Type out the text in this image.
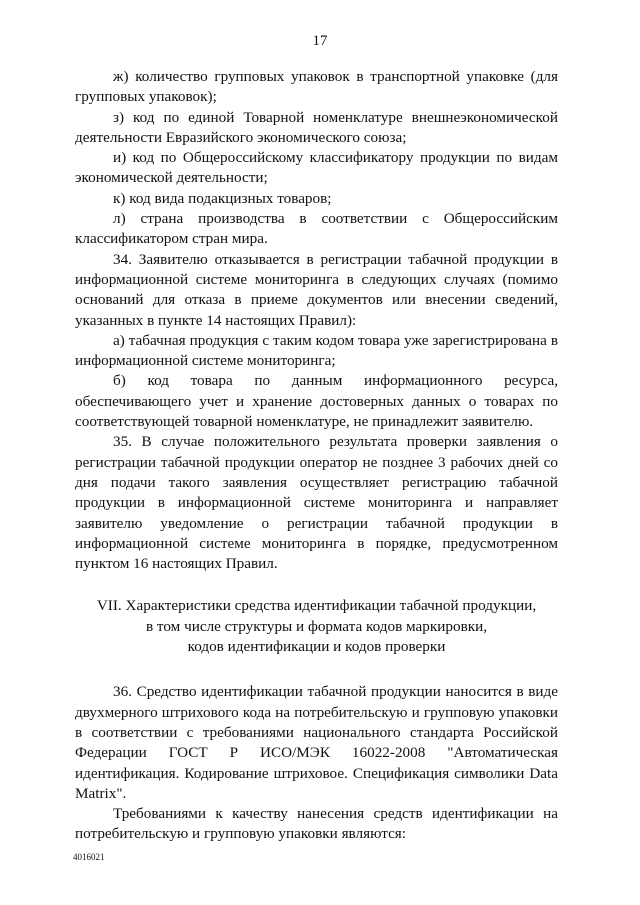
17

ж) количество групповых упаковок в транспортной упаковке (для групповых упаковок);

з) код по единой Товарной номенклатуре внешнеэкономической деятельности Евразийского экономического союза;

и) код по Общероссийскому классификатору продукции по видам экономической деятельности;

к) код вида подакцизных товаров;

л) страна производства в соответствии с Общероссийским классификатором стран мира.

34. Заявителю отказывается в регистрации табачной продукции в информационной системе мониторинга в следующих случаях (помимо оснований для отказа в приеме документов или внесении сведений, указанных в пункте 14 настоящих Правил):

а) табачная продукция с таким кодом товара уже зарегистрирована в информационной системе мониторинга;

б) код товара по данным информационного ресурса, обеспечивающего учет и хранение достоверных данных о товарах по соответствующей товарной номенклатуре, не принадлежит заявителю.

35. В случае положительного результата проверки заявления о регистрации табачной продукции оператор не позднее 3 рабочих дней со дня подачи такого заявления осуществляет регистрацию табачной продукции в информационной системе мониторинга и направляет заявителю уведомление о регистрации табачной продукции в информационной системе мониторинга в порядке, предусмотренном пунктом 16 настоящих Правил.

VII. Характеристики средства идентификации табачной продукции,
в том числе структуры и формата кодов маркировки,
кодов идентификации и кодов проверки

36. Средство идентификации табачной продукции наносится в виде двухмерного штрихового кода на потребительскую и групповую упаковки в соответствии с требованиями национального стандарта Российской Федерации ГОСТ Р ИСО/МЭК 16022-2008 "Автоматическая идентификация. Кодирование штриховое. Спецификация символики Data Matrix".

Требованиями к качеству нанесения средств идентификации на потребительскую и групповую упаковки являются:

4016021
